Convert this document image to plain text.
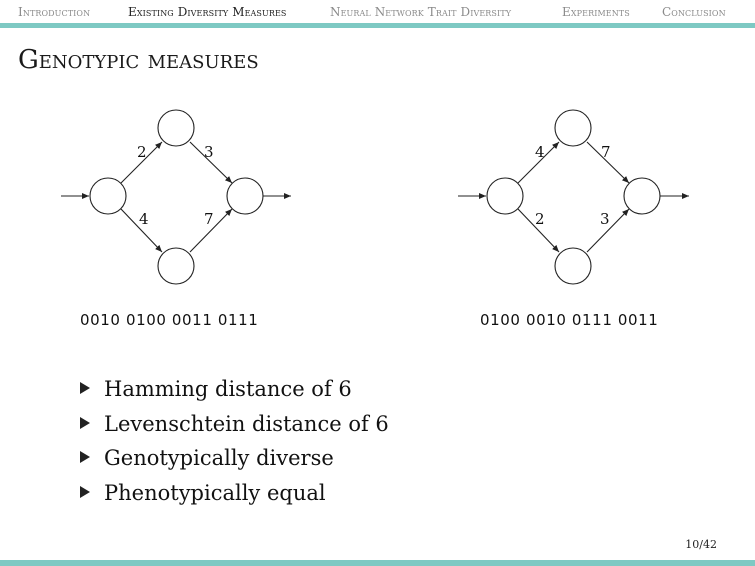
Introduction	Existing Diversity Measures	Neural Network Trait Diversity	Experiments	Conclusion
Genotypic measures
2	3
4	7
0010 0100 0011 0111
4	7
2	3
0100 0010 0111 0011
Hamming distance of 6
Levenschtein distance of 6
Genotypically diverse
Phenotypically equal
10/42
